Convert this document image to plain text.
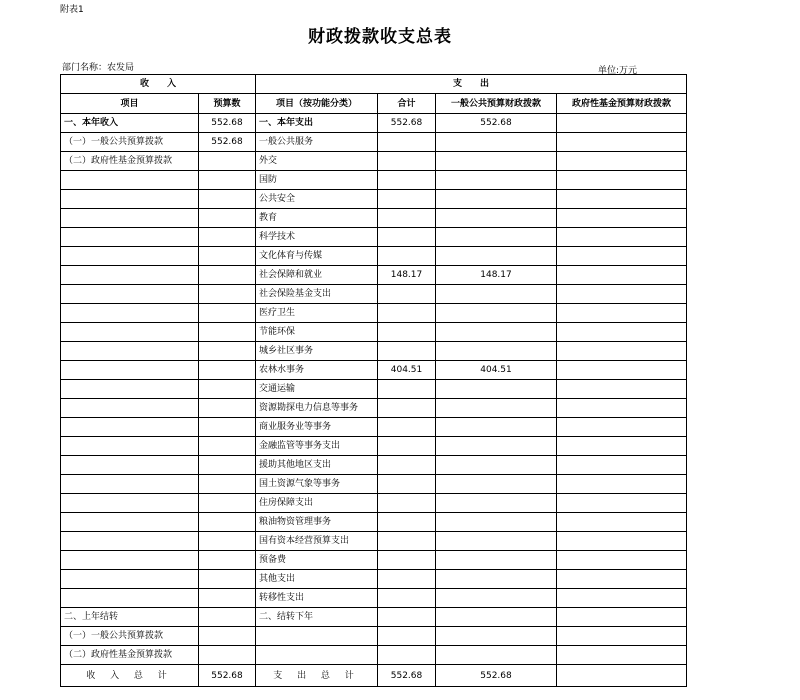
附表1
财政拨款收支总表
部门名称：农发局	单位:万元
收　　入		支　　出			
项目	预算数	项目（按功能分类）	合计	一般公共预算财政拨款	政府性基金预算财政拨款
一、本年收入	552.68	一、本年支出	552.68	552.68	
（一）一般公共预算拨款	552.68	一般公共服务			
（二）政府性基金预算拨款		外交			
		国防			
		公共安全			
		教育			
		科学技术			
		文化体育与传媒			
		社会保障和就业	148.17	148.17	
		社会保险基金支出			
		医疗卫生			
		节能环保			
		城乡社区事务			
		农林水事务	404.51	404.51	
		交通运输			
		资源勘探电力信息等事务			
		商业服务业等事务			
		金融监管等事务支出			
		援助其他地区支出			
		国土资源气象等事务			
		住房保障支出			
		粮油物资管理事务			
		国有资本经营预算支出			
		预备费			
		其他支出			
		转移性支出			
二、上年结转		二、结转下年			
（一）一般公共预算拨款					
（二）政府性基金预算拨款					
收 入 总 计	552.68	支 出 总 计	552.68	552.68	
